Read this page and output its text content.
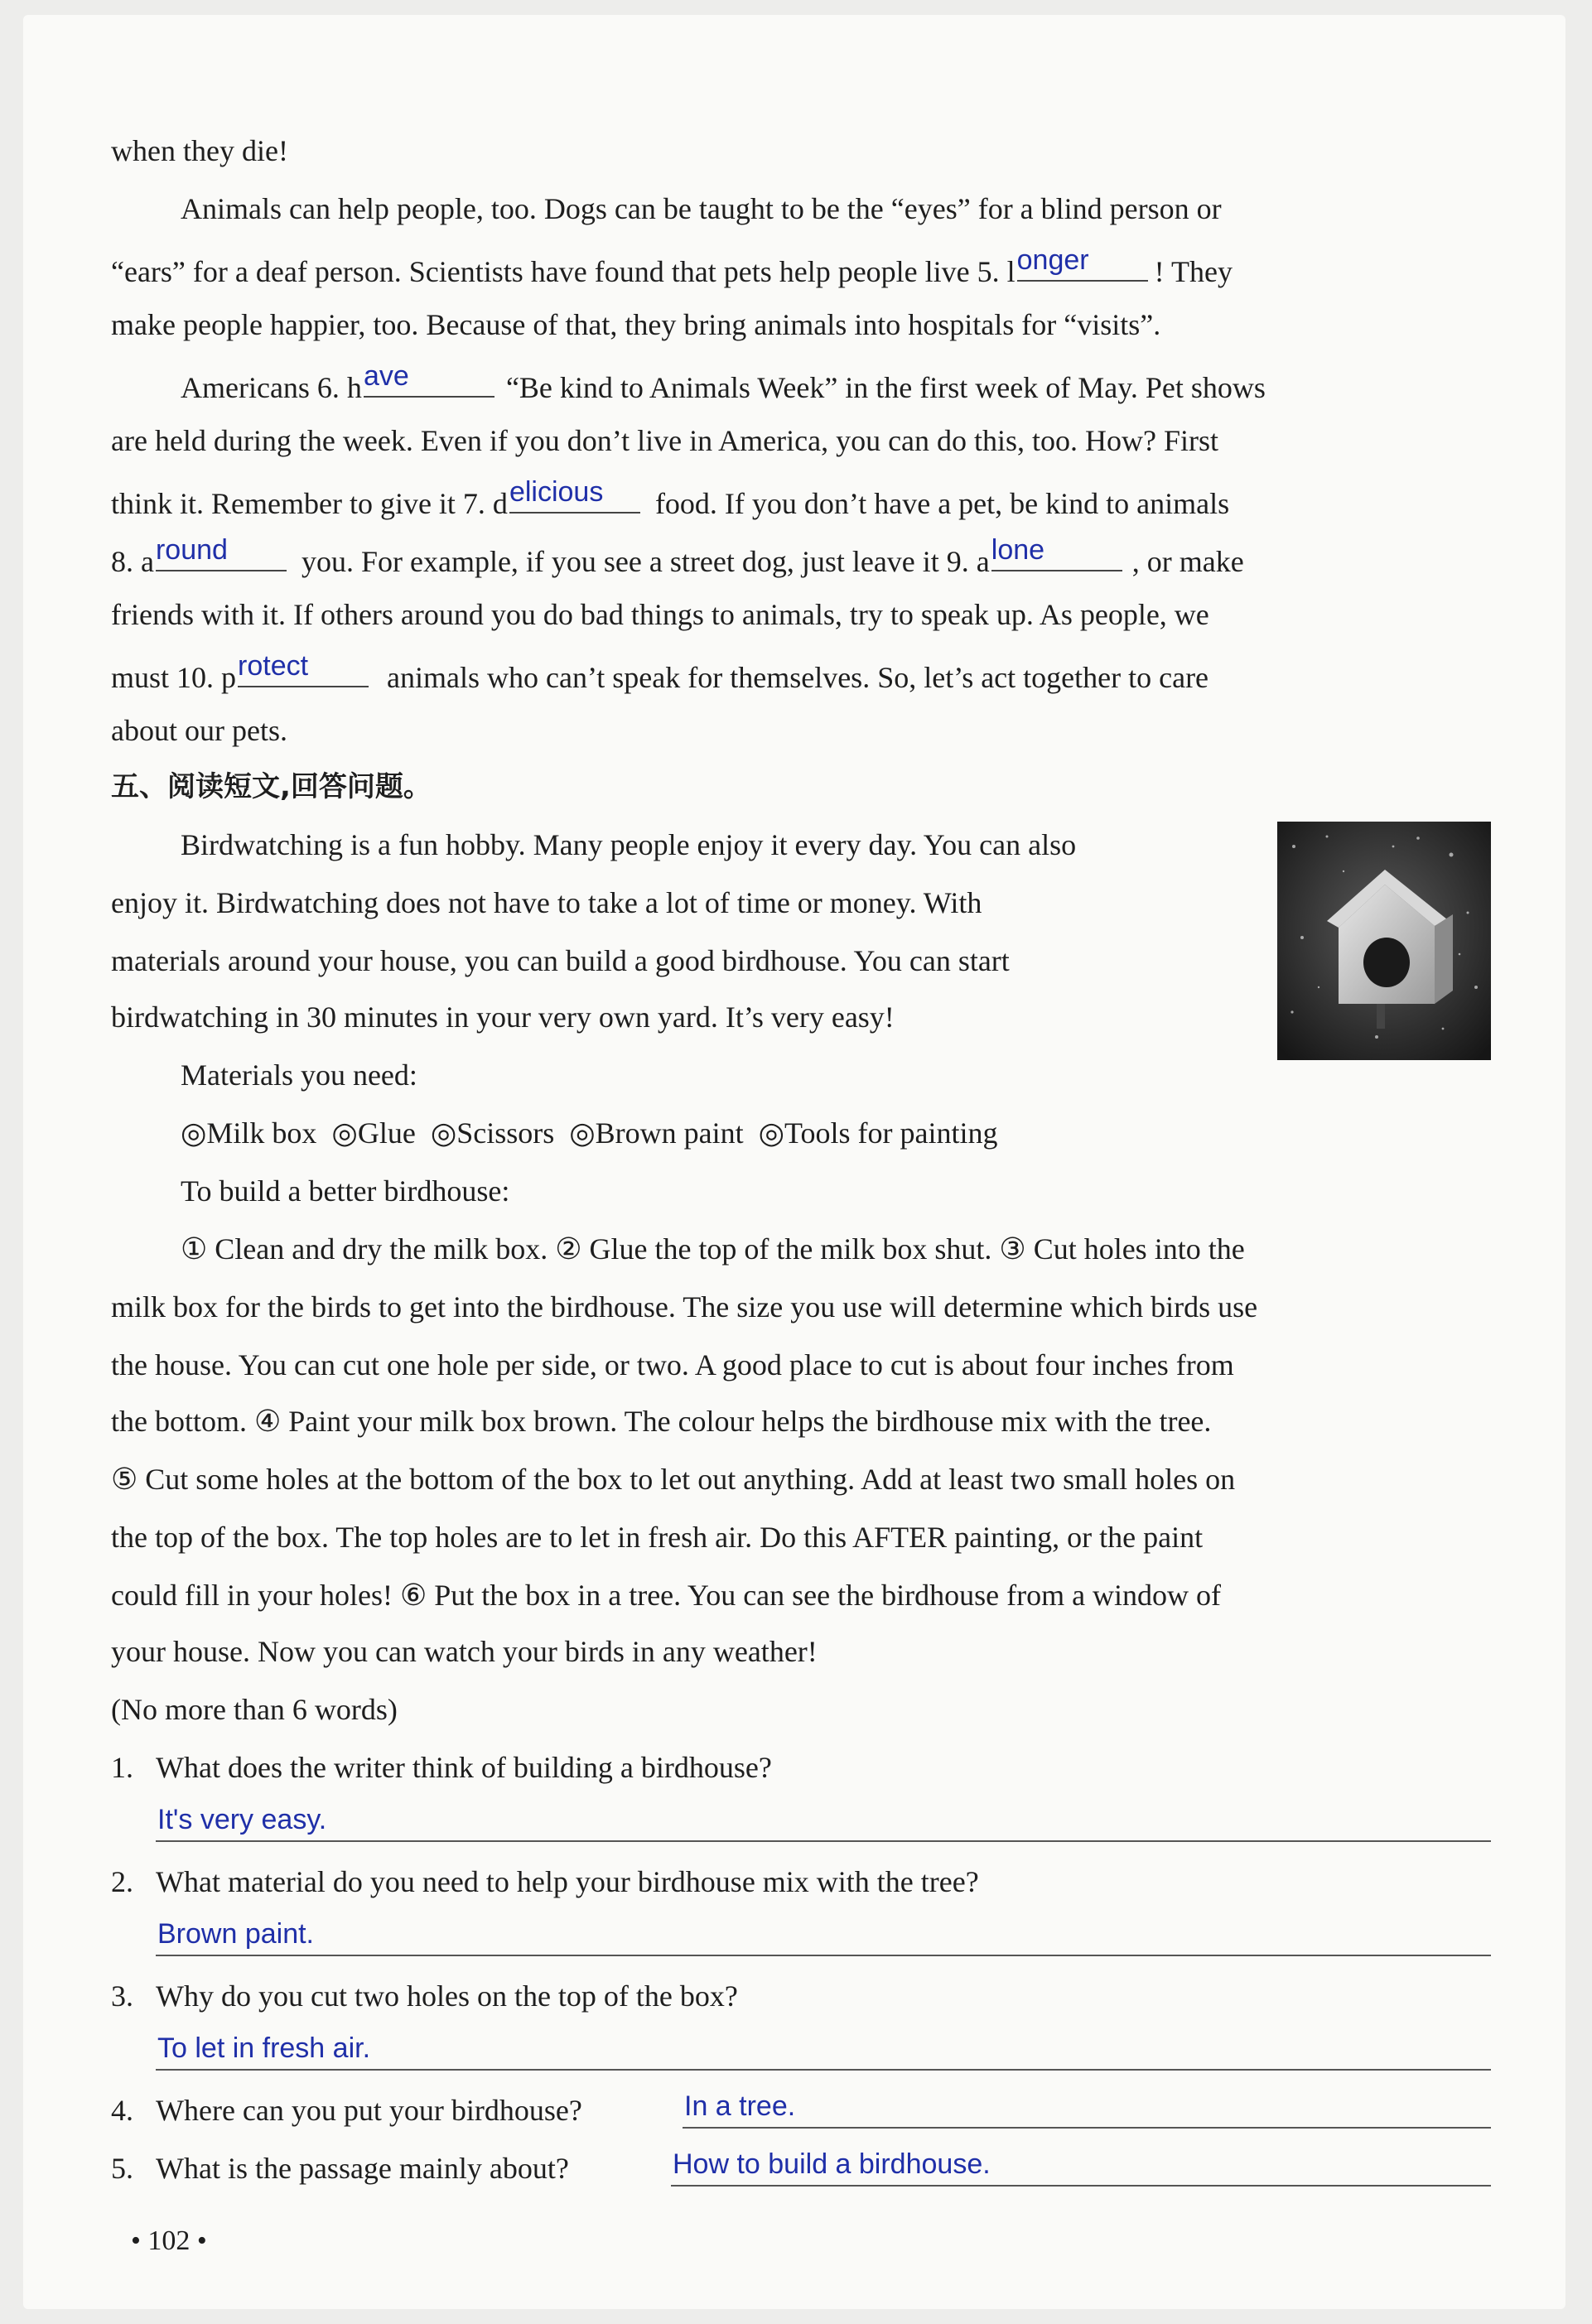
when they die!
Animals can help people, too. Dogs can be taught to be the “eyes” for a blind person or
“ears” for a deaf person. Scientists have found that pets help people live 5. l onger ! They
make people happier, too. Because of that, they bring animals into hospitals for “visits”.
Americans 6. h ave	“Be kind to Animals Week” in the first week of May. Pet shows
are held during the week. Even if you don’t live in America, you can do this, too. How? First
think it. Remember to give it 7. d elicious food. If you don’t have a pet, be kind to animals
8. a round you. For example, if you see a street dog, just leave it 9. a lone	, or make
friends with it. If others around you do bad things to animals, try to speak up. As people, we
must 10. p rotect	animals who can’t speak for themselves. So, let’s act together to care
about our pets.
五、阅读短文,回答问题。
Birdwatching is a fun hobby. Many people enjoy it every day. You can also
enjoy it. Birdwatching does not have to take a lot of time or money. With
materials around your house, you can build a good birdhouse. You can start
birdwatching in 30 minutes in your very own yard. It’s very easy!
Materials you need:
◎Milk box  ◎Glue  ◎Scissors  ◎Brown paint  ◎Tools for painting
To build a better birdhouse:
① Clean and dry the milk box. ② Glue the top of the milk box shut. ③ Cut holes into the
milk box for the birds to get into the birdhouse. The size you use will determine which birds use
the house. You can cut one hole per side, or two. A good place to cut is about four inches from
the bottom. ④ Paint your milk box brown. The colour helps the birdhouse mix with the tree.
⑤ Cut some holes at the bottom of the box to let out anything. Add at least two small holes on
the top of the box. The top holes are to let in fresh air. Do this AFTER painting, or the paint
could fill in your holes! ⑥ Put the box in a tree. You can see the birdhouse from a window of
your house. Now you can watch your birds in any weather!
(No more than 6 words)
1. What does the writer think of building a birdhouse?
It's very easy.
2. What material do you need to help your birdhouse mix with the tree?
Brown paint.
3. Why do you cut two holes on the top of the box?
To let in fresh air.
4. Where can you put your birdhouse?	In a tree.
5. What is the passage mainly about?	How to build a birdhouse.
• 102 •
